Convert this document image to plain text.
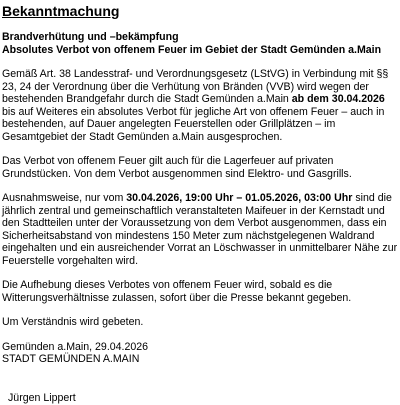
Bekanntmachung
Brandverhütung und –bekämpfung
Absolutes Verbot von offenem Feuer im Gebiet der Stadt Gemünden a.Main
Gemäß Art. 38 Landesstraf- und Verordnungsgesetz (LStVG) in Verbindung mit §§ 23, 24 der Verordnung über die Verhütung von Bränden (VVB) wird wegen der bestehenden Brandgefahr durch die Stadt Gemünden a.Main ab dem 30.04.2026 bis auf Weiteres ein absolutes Verbot für jegliche Art von offenem Feuer – auch in bestehenden, auf Dauer angelegten Feuerstellen oder Grillplätzen – im Gesamtgebiet der Stadt Gemünden a.Main ausgesprochen.
Das Verbot von offenem Feuer gilt auch für die Lagerfeuer auf privaten Grundstücken. Von dem Verbot ausgenommen sind Elektro- und Gasgrills.
Ausnahmsweise, nur vom 30.04.2026, 19:00 Uhr – 01.05.2026, 03:00 Uhr sind die jährlich zentral und gemeinschaftlich veranstalteten Maifeuer in der Kernstadt und den Stadtteilen unter der Voraussetzung von dem Verbot ausgenommen, dass ein Sicherheitsabstand von mindestens 150 Meter zum nächstgelegenen Waldrand eingehalten und ein ausreichender Vorrat an Löschwasser in unmittelbarer Nähe zur Feuerstelle vorgehalten wird.
Die Aufhebung dieses Verbotes von offenem Feuer wird, sobald es die Witterungsverhältnisse zulassen, sofort über die Presse bekannt gegeben.
Um Verständnis wird gebeten.
Gemünden a.Main, 29.04.2026
STADT GEMÜNDEN A.MAIN
Jürgen Lippert
